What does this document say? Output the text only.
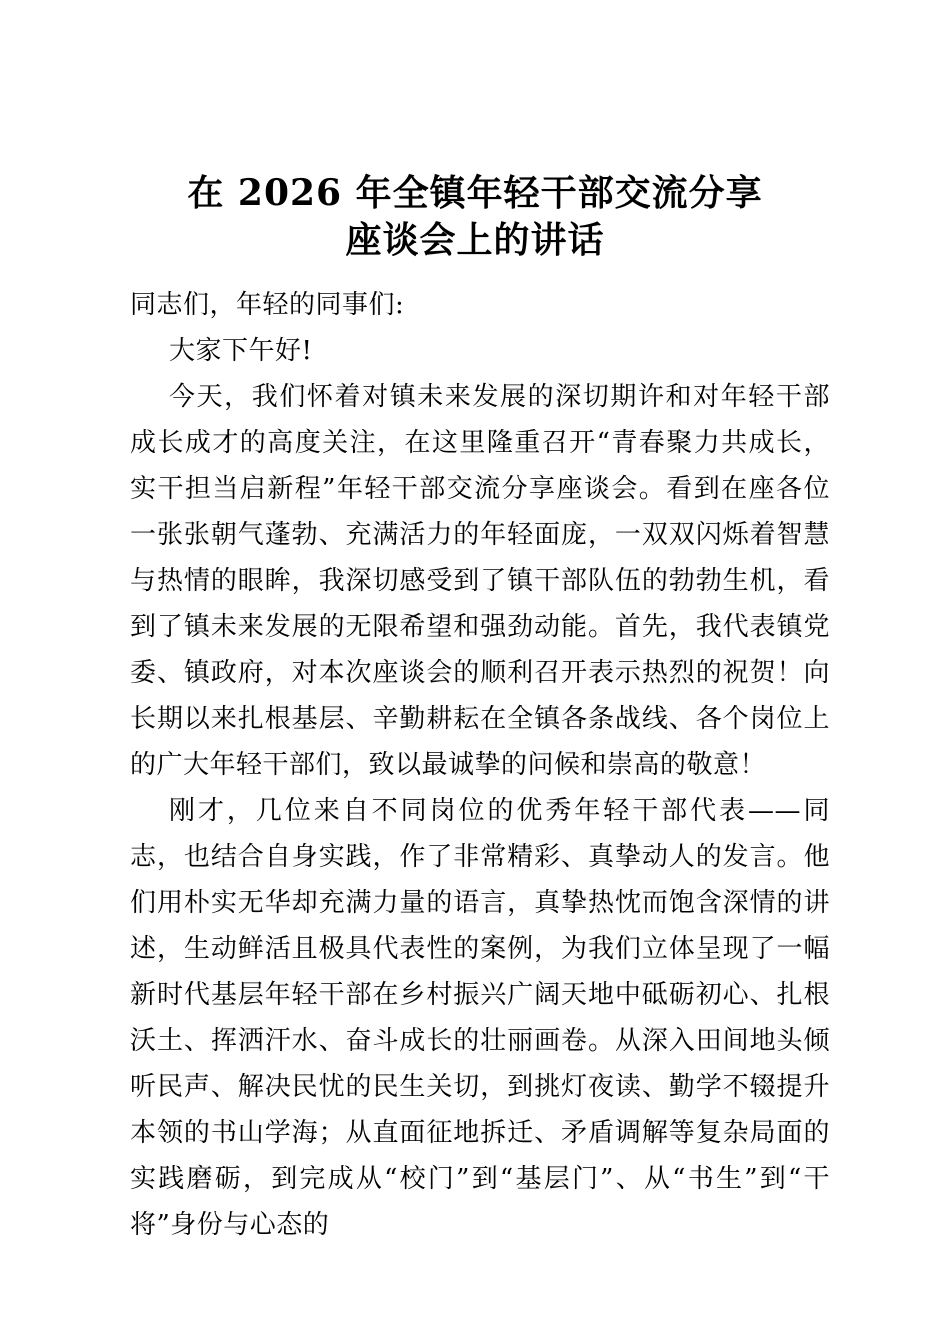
在 2026 年全镇年轻干部交流分享
座谈会上的讲话

同志们，年轻的同事们:

大家下午好!

今天，我们怀着对镇未来发展的深切期许和对年轻干部成长成才的高度关注，在这里隆重召开“青春聚力共成长，实干担当启新程”年轻干部交流分享座谈会。看到在座各位一张张朝气蓬勃、充满活力的年轻面庞，一双双闪烁着智慧与热情的眼眸，我深切感受到了镇干部队伍的勃勃生机，看到了镇未来发展的无限希望和强劲动能。首先，我代表镇党委、镇政府，对本次座谈会的顺利召开表示热烈的祝贺！向长期以来扎根基层、辛勤耕耘在全镇各条战线、各个岗位上的广大年轻干部们，致以最诚挚的问候和崇高的敬意！

刚才，几位来自不同岗位的优秀年轻干部代表——同志，也结合自身实践，作了非常精彩、真挚动人的发言。他们用朴实无华却充满力量的语言，真挚热忱而饱含深情的讲述，生动鲜活且极具代表性的案例，为我们立体呈现了一幅新时代基层年轻干部在乡村振兴广阔天地中砥砺初心、扎根沃土、挥洒汗水、奋斗成长的壮丽画卷。从深入田间地头倾听民声、解决民忧的民生关切，到挑灯夜读、勤学不辍提升本领的书山学海；从直面征地拆迁、矛盾调解等复杂局面的实践磨砺，到完成从“校门”到“基层门”、从“书生”到“干将”身份与心态的
